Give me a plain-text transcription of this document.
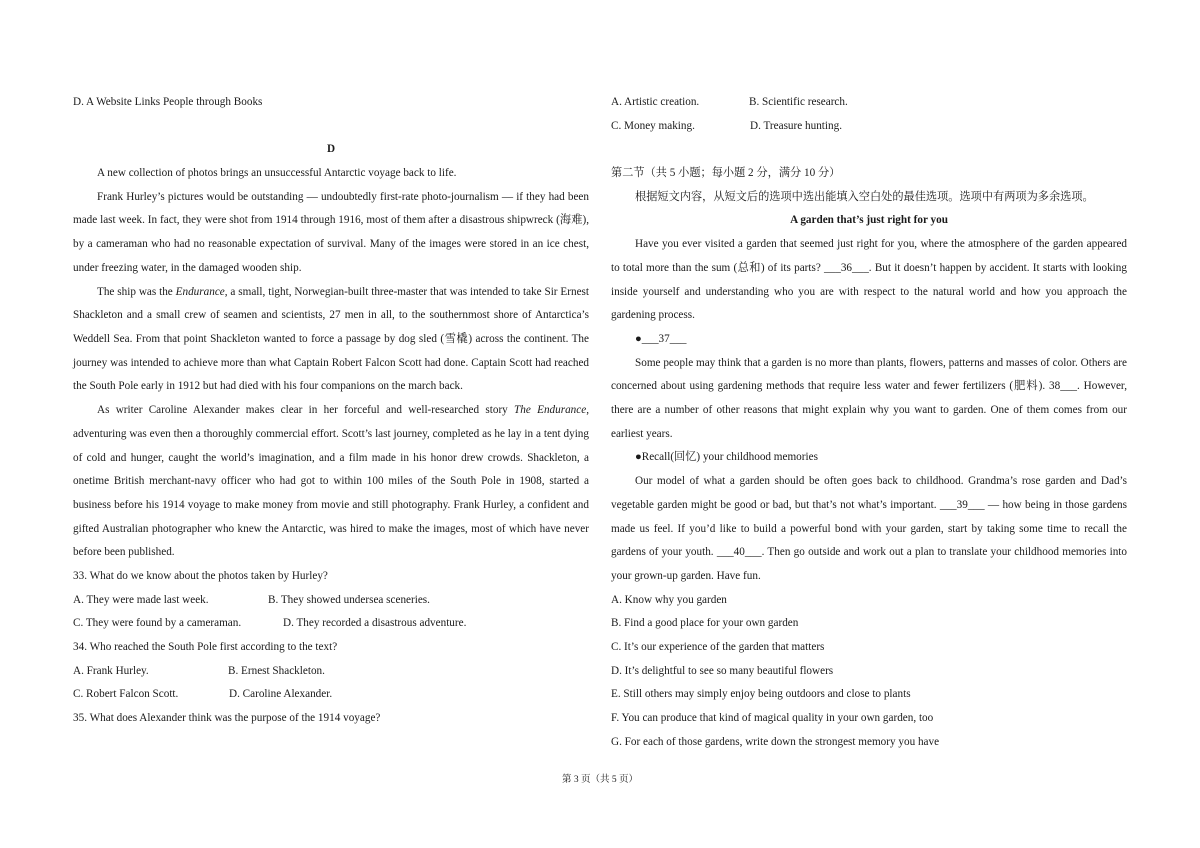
D. A Website Links People through Books
D

A new collection of photos brings an unsuccessful Antarctic voyage back to life.

Frank Hurley’s pictures would be outstanding — undoubtedly first-rate photo-journalism — if they had been made last week. In fact, they were shot from 1914 through 1916, most of them after a disastrous shipwreck (海难), by a cameraman who had no reasonable expectation of survival. Many of the images were stored in an ice chest, under freezing water, in the damaged wooden ship.

The ship was the Endurance, a small, tight, Norwegian-built three-master that was intended to take Sir Ernest Shackleton and a small crew of seamen and scientists, 27 men in all, to the southernmost shore of Antarctica’s Weddell Sea. From that point Shackleton wanted to force a passage by dog sled (雪橇) across the continent. The journey was intended to achieve more than what Captain Robert Falcon Scott had done. Captain Scott had reached the South Pole early in 1912 but had died with his four companions on the march back.

As writer Caroline Alexander makes clear in her forceful and well-researched story The Endurance, adventuring was even then a thoroughly commercial effort. Scott’s last journey, completed as he lay in a tent dying of cold and hunger, caught the world’s imagination, and a film made in his honor drew crowds. Shackleton, a onetime British merchant-navy officer who had got to within 100 miles of the South Pole in 1908, started a business before his 1914 voyage to make money from movie and still photography. Frank Hurley, a confident and gifted Australian photographer who knew the Antarctic, was hired to make the images, most of which have never before been published.

33. What do we know about the photos taken by Hurley?
A. They were made last week.	B. They showed undersea sceneries.
C. They were found by a cameraman.	D. They recorded a disastrous adventure.
34. Who reached the South Pole first according to the text?
A. Frank Hurley.	B. Ernest Shackleton.
C. Robert Falcon Scott.	D. Caroline Alexander.
35. What does Alexander think was the purpose of the 1914 voyage?
A. Artistic creation.	B. Scientific research.
C. Money making.	D. Treasure hunting.
第二节（共 5 小题；每小题 2 分，满分 10 分）
根据短文内容，从短文后的选项中选出能填入空白处的最佳选项。选项中有两项为多余选项。
A garden that’s just right for you

Have you ever visited a garden that seemed just right for you, where the atmosphere of the garden appeared to total more than the sum (总和) of its parts? ___36___. But it doesn’t happen by accident. It starts with looking inside yourself and understanding who you are with respect to the natural world and how you approach the gardening process.

●___37___

Some people may think that a garden is no more than plants, flowers, patterns and masses of color. Others are concerned about using gardening methods that require less water and fewer fertilizers (肥料). 38___. However, there are a number of other reasons that might explain why you want to garden. One of them comes from our earliest years.

●Recall(回忆) your childhood memories

Our model of what a garden should be often goes back to childhood. Grandma’s rose garden and Dad’s vegetable garden might be good or bad, but that’s not what’s important. ___39___ — how being in those gardens made us feel. If you’d like to build a powerful bond with your garden, start by taking some time to recall the gardens of your youth. ___40___. Then go outside and work out a plan to translate your childhood memories into your grown-up garden. Have fun.

A. Know why you garden
B. Find a good place for your own garden
C. It’s our experience of the garden that matters
D. It’s delightful to see so many beautiful flowers
E. Still others may simply enjoy being outdoors and close to plants
F. You can produce that kind of magical quality in your own garden, too
G. For each of those gardens, write down the strongest memory you have
第 3 页（共 5 页）
